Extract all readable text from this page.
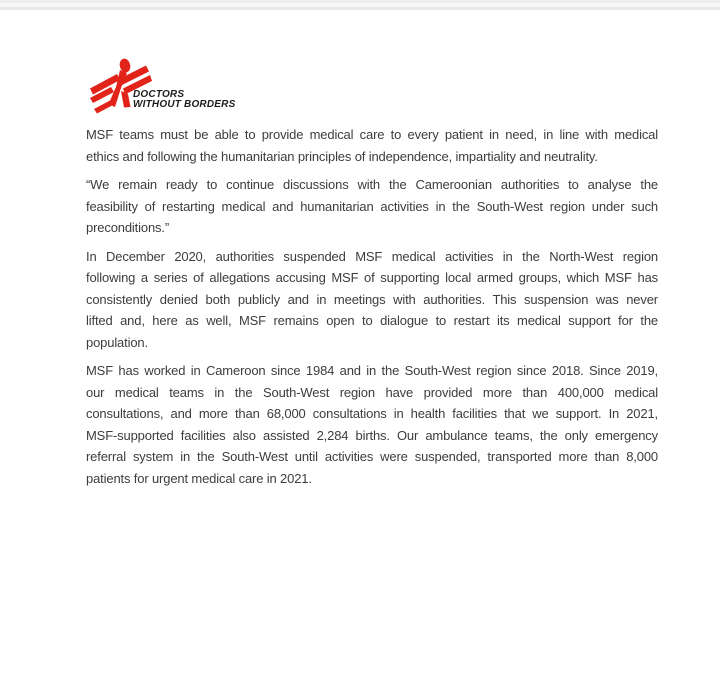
DOCTORS
WITHOUT BORDERS
MSF teams must be able to provide medical care to every patient in need, in line with medical
ethics and following the humanitarian principles of independence, impartiality and neutrality.
“We remain ready to continue discussions with the Cameroonian authorities to analyse the
feasibility of restarting medical and humanitarian activities in the South-West region under such
preconditions.”
In December 2020, authorities suspended MSF medical activities in the North-West region
following a series of allegations accusing MSF of supporting local armed groups, which MSF has
consistently denied both publicly and in meetings with authorities. This suspension was never
lifted and, here as well, MSF remains open to dialogue to restart its medical support for the
population.
MSF has worked in Cameroon since 1984 and in the South-West region since 2018. Since 2019,
our medical teams in the South-West region have provided more than 400,000 medical
consultations, and more than 68,000 consultations in health facilities that we support. In 2021,
MSF-supported facilities also assisted 2,284 births. Our ambulance teams, the only emergency
referral system in the South-West until activities were suspended, transported more than 8,000
patients for urgent medical care in 2021.
